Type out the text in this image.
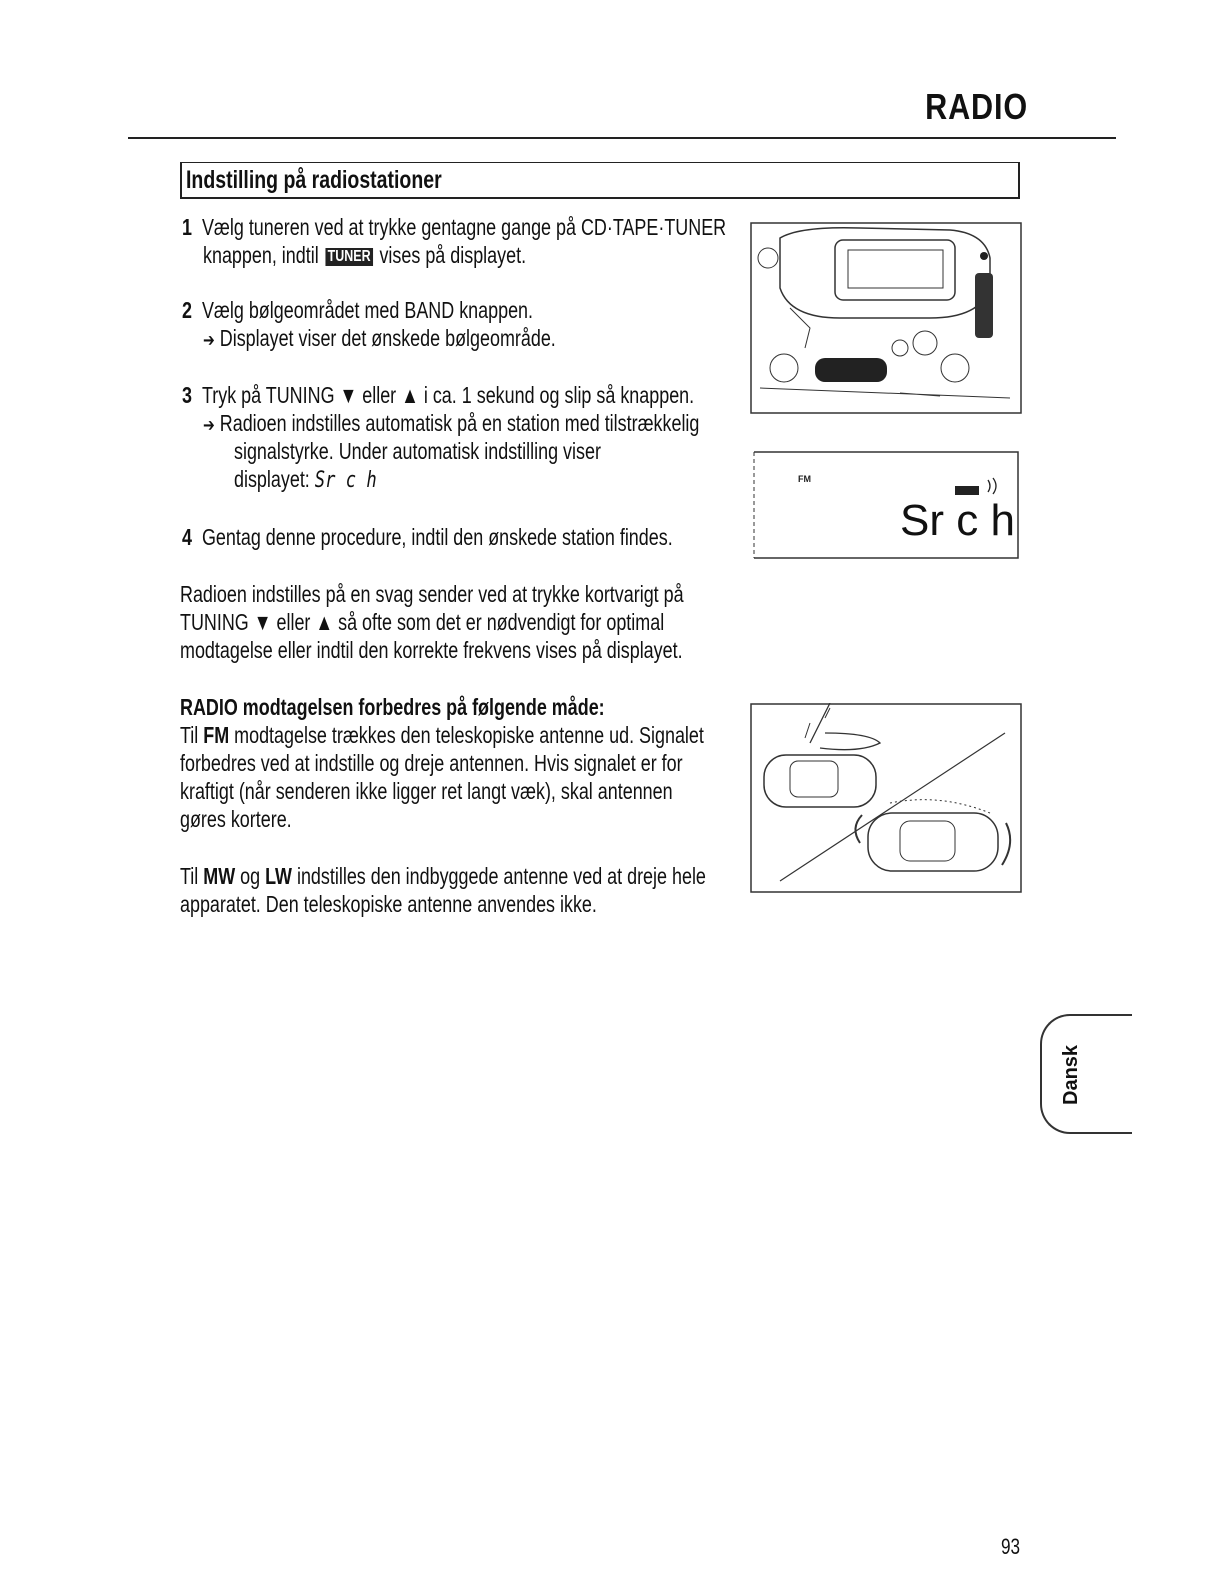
RADIO
Indstilling på radiostationer
1 Vælg tuneren ved at trykke gentagne gange på CD·TAPE·TUNER
knappen, indtil TUNER vises på displayet.
2 Vælg bølgeområdet med BAND knappen.
➔ Displayet viser det ønskede bølgeområde.
3 Tryk på TUNING ▼ eller ▲ i ca. 1 sekund og slip så knappen.
➔ Radioen indstilles automatisk på en station med tilstrækkelig
signalstyrke. Under automatisk indstilling viser
displayet: Sr c h
4 Gentag denne procedure, indtil den ønskede station findes.
Radioen indstilles på en svag sender ved at trykke kortvarigt på
TUNING ▼ eller ▲ så ofte som det er nødvendigt for optimal
modtagelse eller indtil den korrekte frekvens vises på displayet.
RADIO modtagelsen forbedres på følgende måde:
Til FM modtagelse trækkes den teleskopiske antenne ud. Signalet
forbedres ved at indstille og dreje antennen. Hvis signalet er for
kraftigt (når senderen ikke ligger ret langt væk), skal antennen
gøres kortere.
Til MW og LW indstilles den indbyggede antenne ved at dreje hele
apparatet. Den teleskopiske antenne anvendes ikke.
FM
Sr c h
Dansk
93
